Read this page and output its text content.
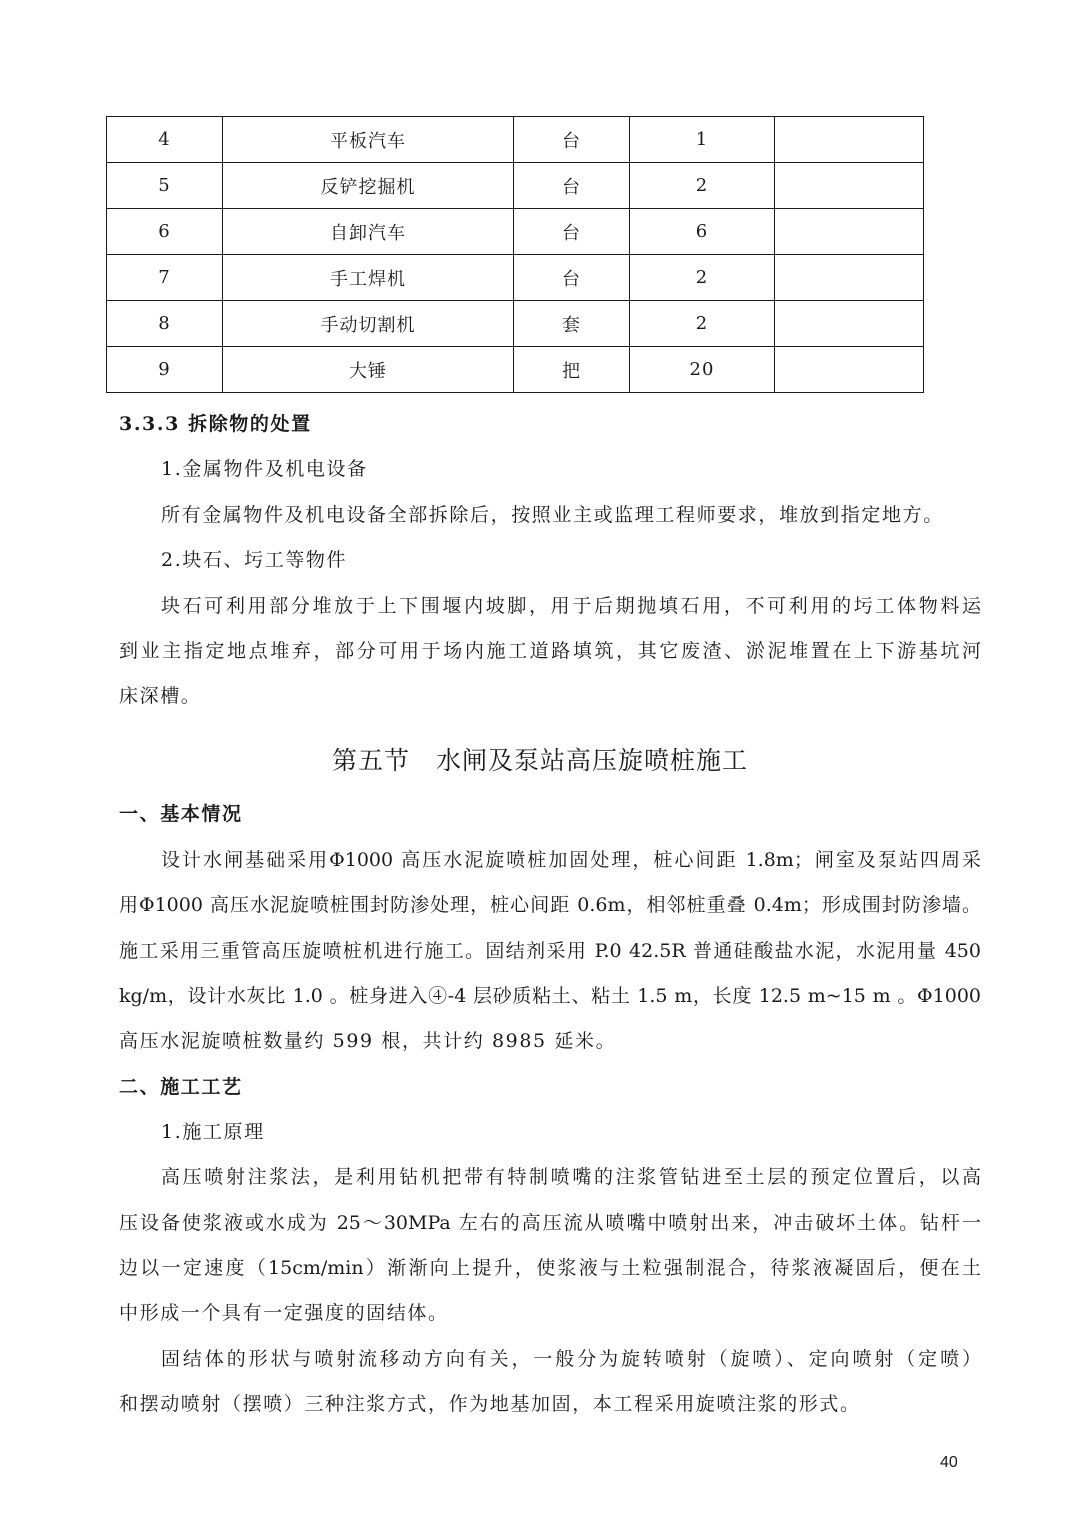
4	平板汽车	台	1	
5	反铲挖掘机	台	2	
6	自卸汽车	台	6	
7	手工焊机	台	2	
8	手动切割机	套	2	
9	大锤	把	20	
3.3.3 拆除物的处置
1.金属物件及机电设备
所有金属物件及机电设备全部拆除后，按照业主或监理工程师要求，堆放到指定地方。
2.块石、圬工等物件
块石可利用部分堆放于上下围堰内坡脚，用于后期抛填石用，不可利用的圬工体物料运
到业主指定地点堆弃，部分可用于场内施工道路填筑，其它废渣、淤泥堆置在上下游基坑河
床深槽。
第五节　水闸及泵站高压旋喷桩施工
一、基本情况
设计水闸基础采用Φ1000 高压水泥旋喷桩加固处理，桩心间距 1.8m；闸室及泵站四周采
用Φ1000 高压水泥旋喷桩围封防渗处理，桩心间距 0.6m，相邻桩重叠 0.4m；形成围封防渗墙。
施工采用三重管高压旋喷桩机进行施工。固结剂采用 P.0 42.5R 普通硅酸盐水泥，水泥用量 450
kg/m，设计水灰比 1.0 。桩身进入④-4 层砂质粘土、粘土 1.5 m，长度 12.5 m~15 m 。Φ1000
高压水泥旋喷桩数量约 599 根，共计约 8985 延米。
二、施工工艺
1.施工原理
高压喷射注浆法，是利用钻机把带有特制喷嘴的注浆管钻进至土层的预定位置后，以高
压设备使浆液或水成为 25～30MPa 左右的高压流从喷嘴中喷射出来，冲击破坏土体。钻杆一
边以一定速度（15cm/min）渐渐向上提升，使浆液与土粒强制混合，待浆液凝固后，便在土
中形成一个具有一定强度的固结体。
固结体的形状与喷射流移动方向有关，一般分为旋转喷射（旋喷）、定向喷射（定喷）
和摆动喷射（摆喷）三种注浆方式，作为地基加固，本工程采用旋喷注浆的形式。
40
